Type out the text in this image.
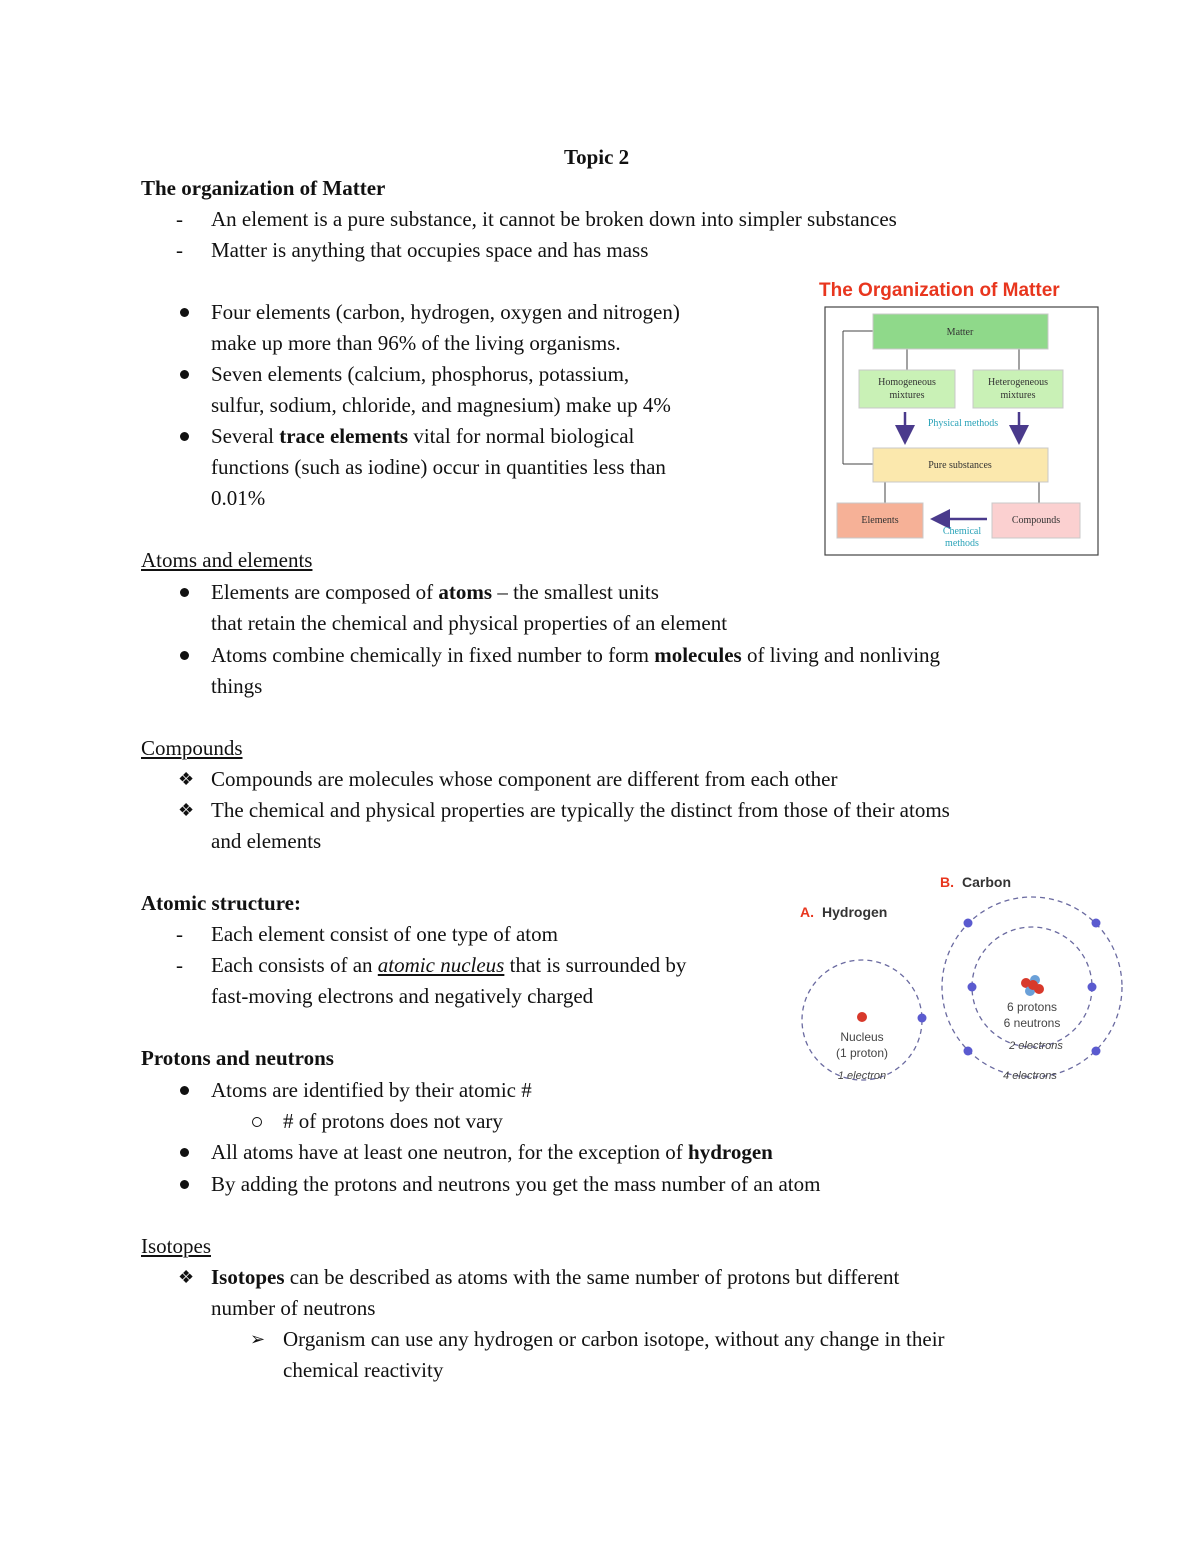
Topic 2
The organization of Matter
- An element is a pure substance, it cannot be broken down into simpler substances
- Matter is anything that occupies space and has mass
Four elements (carbon, hydrogen, oxygen and nitrogen)
make up more than 96% of the living organisms.
Seven elements (calcium, phosphorus, potassium,
sulfur, sodium, chloride, and magnesium) make up 4%
Several trace elements vital for normal biological
functions (such as iodine) occur in quantities less than
0.01%
The Organization of Matter
Matter
Homogeneous
mixtures
Heterogeneous
mixtures
Physical methods
Pure substances
Elements	Compounds
Chemical
methods
Atoms and elements
Elements are composed of atoms – the smallest units
that retain the chemical and physical properties of an element
Atoms combine chemically in fixed number to form molecules of living and nonliving
things
Compounds
❖ Compounds are molecules whose component are different from each other
❖ The chemical and physical properties are typically the distinct from those of their atoms
and elements
Atomic structure:
- Each element consist of one type of atom
- Each consists of an atomic nucleus that is surrounded by
fast-moving electrons and negatively charged
A. Hydrogen
B. Carbon
Nucleus
(1 proton)
1 electron
6 protons
6 neutrons
2 electrons
4 electrons
Protons and neutrons
Atoms are identified by their atomic #
# of protons does not vary
All atoms have at least one neutron, for the exception of hydrogen
By adding the protons and neutrons you get the mass number of an atom
Isotopes
❖ Isotopes can be described as atoms with the same number of protons but different
number of neutrons
➢ Organism can use any hydrogen or carbon isotope, without any change in their
chemical reactivity
